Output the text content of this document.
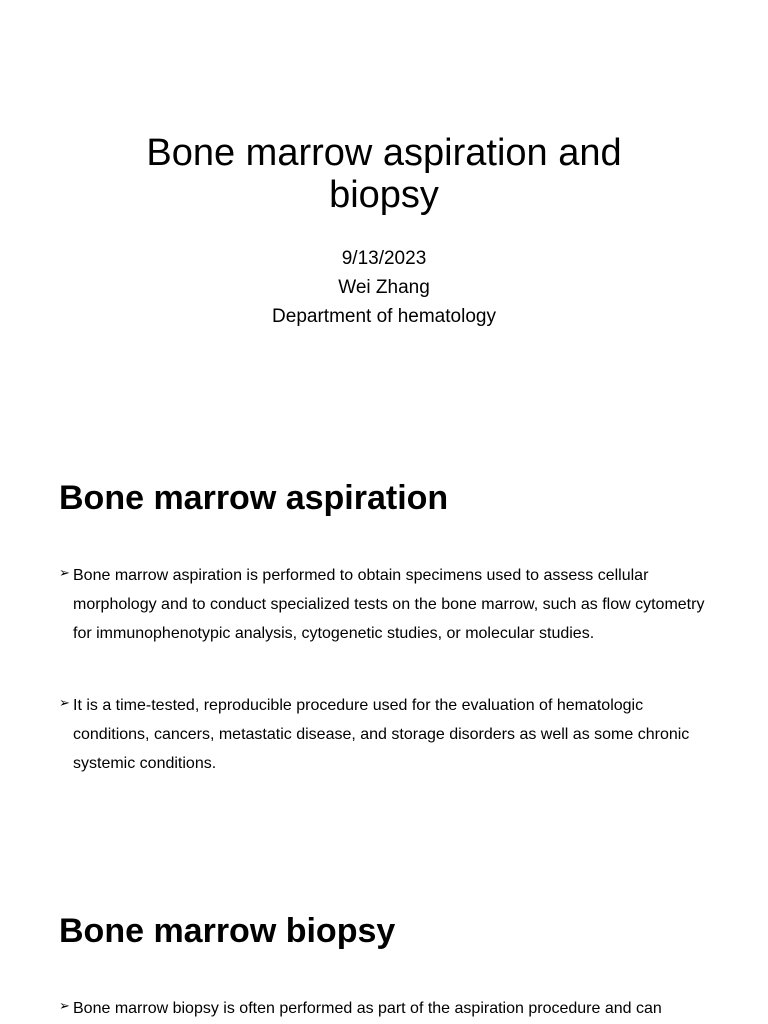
Bone marrow aspiration and biopsy
9/13/2023
Wei Zhang
Department of hematology
Bone marrow aspiration
➢ Bone marrow aspiration is performed to obtain specimens used to assess cellular morphology and to conduct specialized tests on the bone marrow, such as flow cytometry for immunophenotypic analysis, cytogenetic studies, or molecular studies.
➢ It is a time-tested, reproducible procedure used for the evaluation of hematologic conditions, cancers, metastatic disease, and storage disorders as well as some chronic systemic conditions.
Bone marrow biopsy
➢ Bone marrow biopsy is often performed as part of the aspiration procedure and can
